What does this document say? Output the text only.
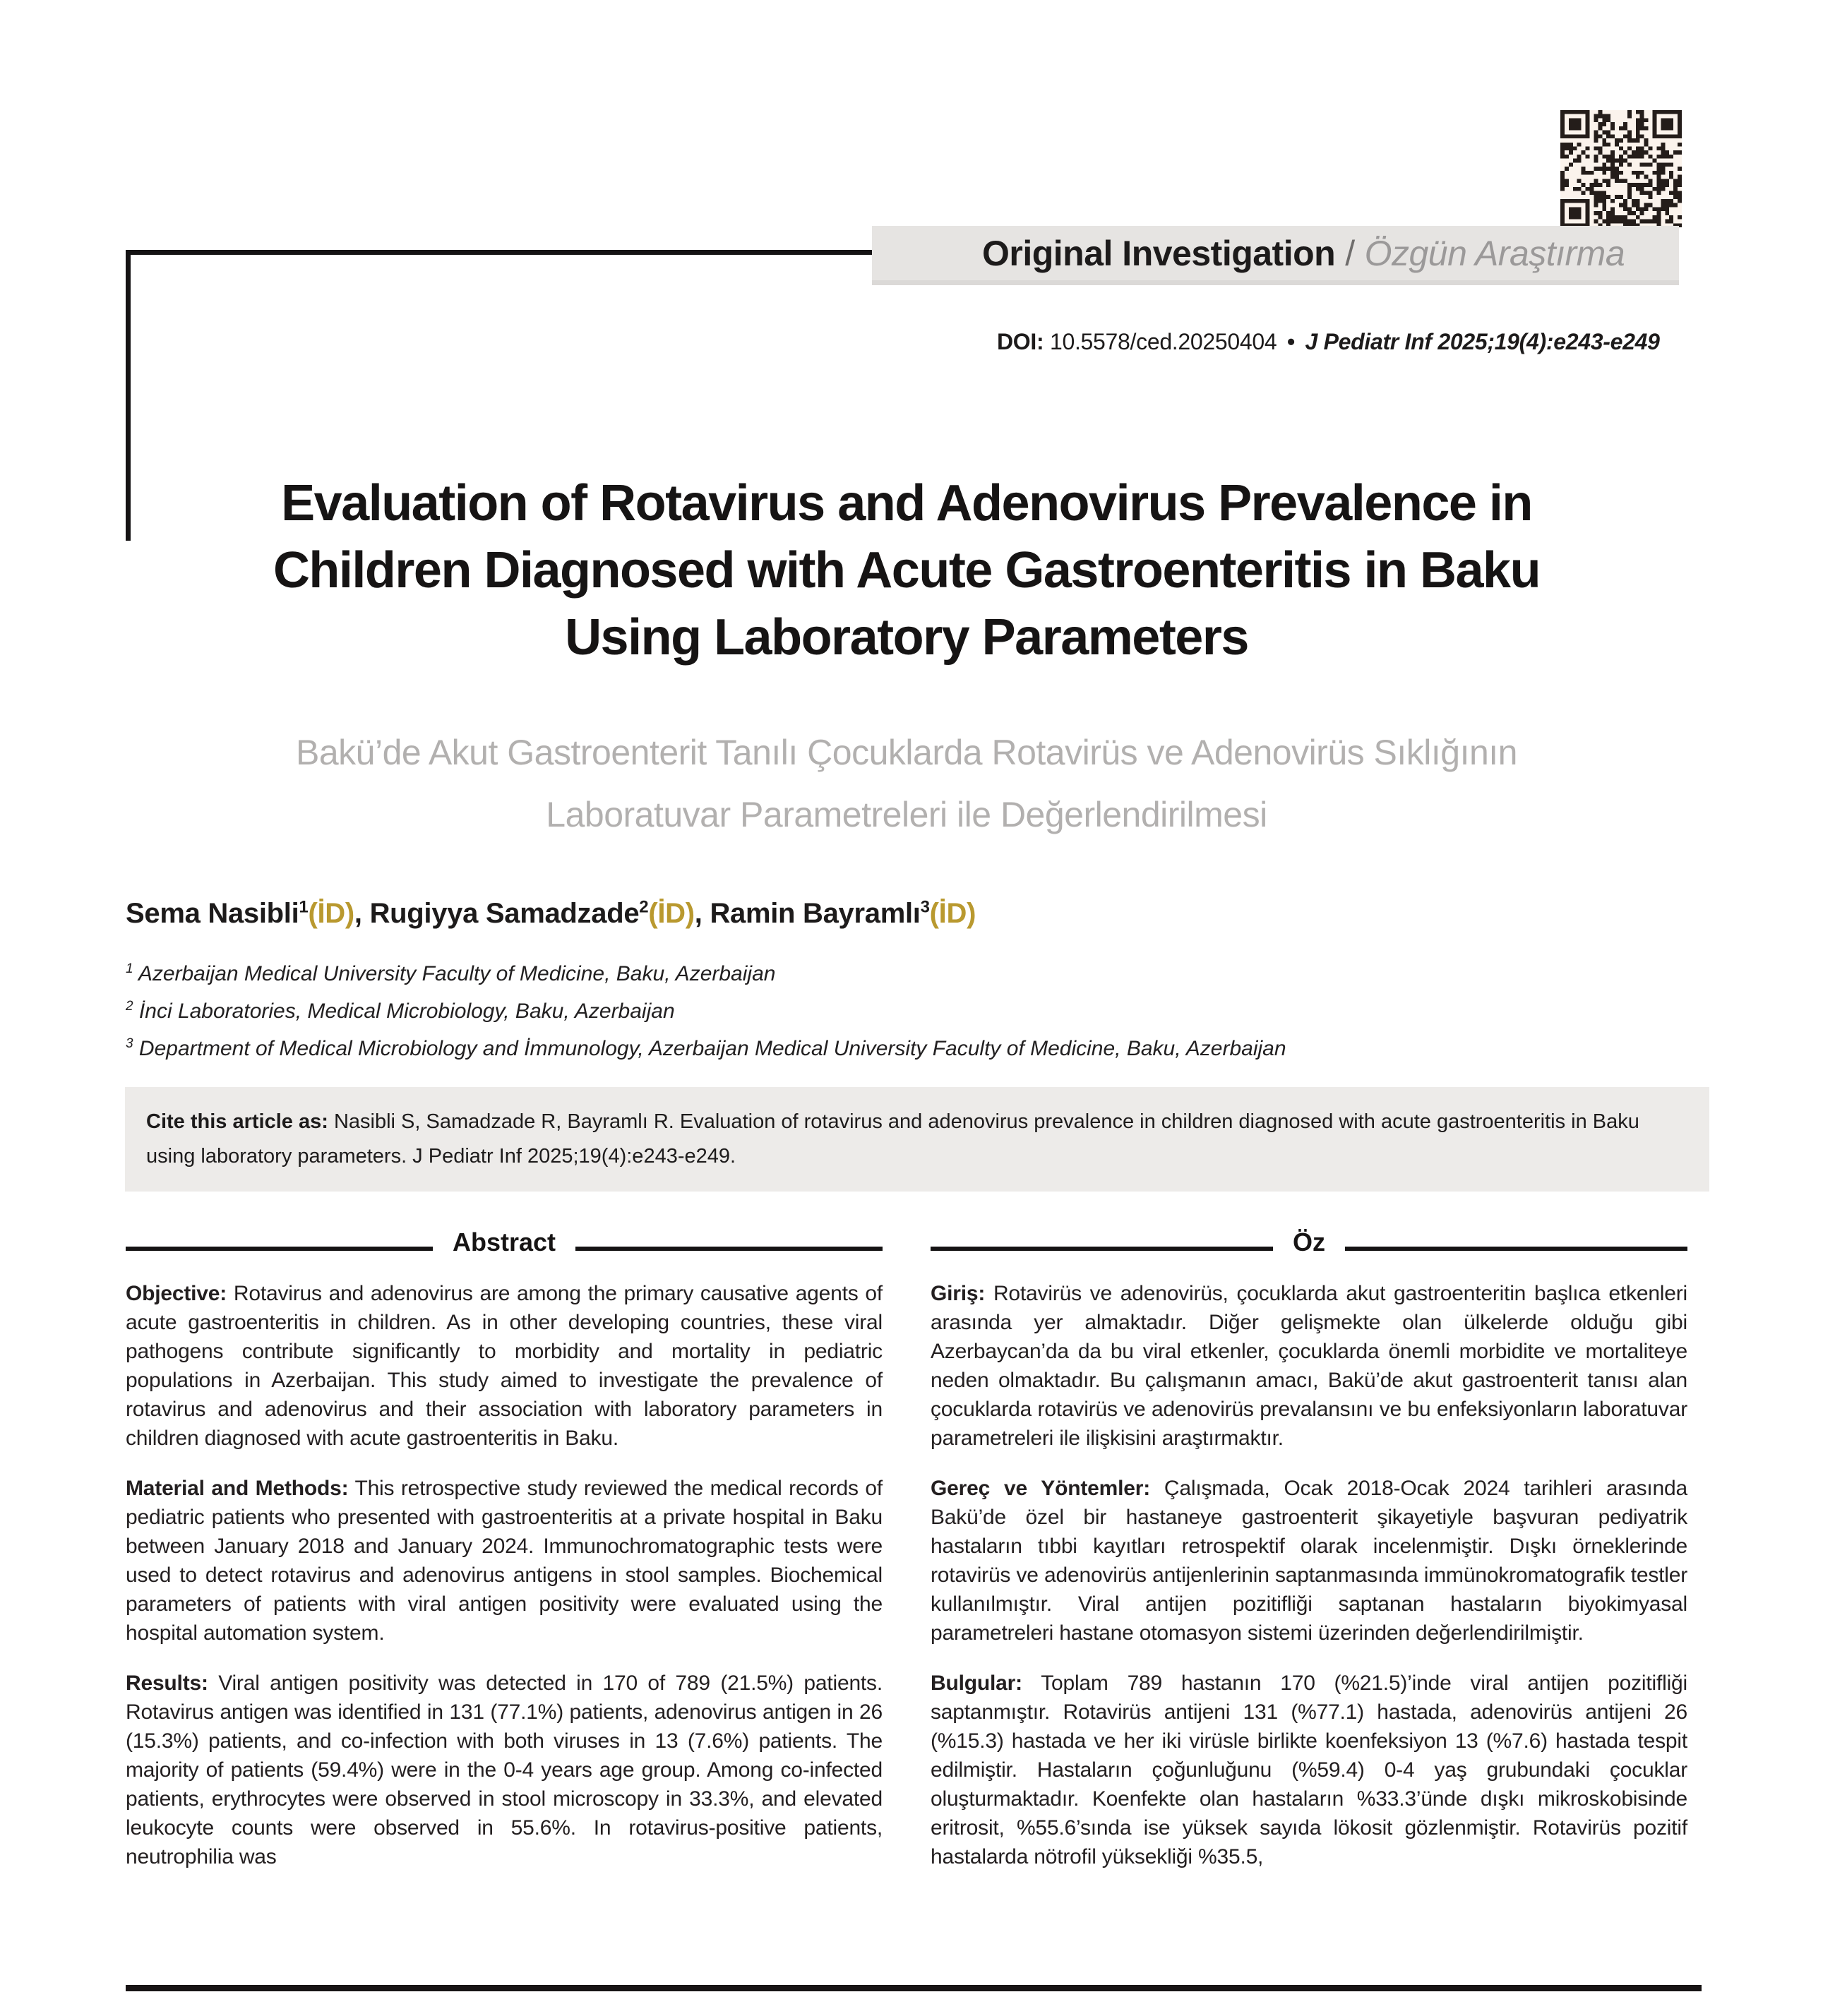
Original Investigation / Özgün Araştırma
DOI: 10.5578/ced.20250404 • J Pediatr Inf 2025;19(4):e243-e249
Evaluation of Rotavirus and Adenovirus Prevalence in
Children Diagnosed with Acute Gastroenteritis in Baku
Using Laboratory Parameters
Bakü’de Akut Gastroenterit Tanılı Çocuklarda Rotavirüs ve Adenovirüs Sıklığının
Laboratuvar Parametreleri ile Değerlendirilmesi
Sema Nasibli$^1$(İD), Rugiyya Samadzade$^2$(İD), Ramin Bayramlı$^3$(İD)
$^1$ Azerbaijan Medical University Faculty of Medicine, Baku, Azerbaijan
$^2$ İnci Laboratories, Medical Microbiology, Baku, Azerbaijan
$^3$ Department of Medical Microbiology and İmmunology, Azerbaijan Medical University Faculty of Medicine, Baku, Azerbaijan
Cite this article as: Nasibli S, Samadzade R, Bayramlı R. Evaluation of rotavirus and adenovirus prevalence in children diagnosed with acute gastroenteritis in Baku using laboratory parameters. J Pediatr Inf 2025;19(4):e243-e249.
Abstract

Objective: Rotavirus and adenovirus are among the primary causative agents of acute gastroenteritis in children. As in other developing countries, these viral pathogens contribute significantly to morbidity and mortality in pediatric populations in Azerbaijan. This study aimed to investigate the prevalence of rotavirus and adenovirus and their association with laboratory parameters in children diagnosed with acute gastroenteritis in Baku.

Material and Methods: This retrospective study reviewed the medical records of pediatric patients who presented with gastroenteritis at a private hospital in Baku between January 2018 and January 2024. Immunochromatographic tests were used to detect rotavirus and adenovirus antigens in stool samples. Biochemical parameters of patients with viral antigen positivity were evaluated using the hospital automation system.

Results: Viral antigen positivity was detected in 170 of 789 (21.5%) patients. Rotavirus antigen was identified in 131 (77.1%) patients, adenovirus antigen in 26 (15.3%) patients, and co-infection with both viruses in 13 (7.6%) patients. The majority of patients (59.4%) were in the 0-4 years age group. Among co-infected patients, erythrocytes were observed in stool microscopy in 33.3%, and elevated leukocyte counts were observed in 55.6%. In rotavirus-positive patients, neutrophilia was

Öz

Giriş: Rotavirüs ve adenovirüs, çocuklarda akut gastroenteritin başlıca etkenleri arasında yer almaktadır. Diğer gelişmekte olan ülkelerde olduğu gibi Azerbaycan’da da bu viral etkenler, çocuklarda önemli morbidite ve mortaliteye neden olmaktadır. Bu çalışmanın amacı, Bakü’de akut gastroenterit tanısı alan çocuklarda rotavirüs ve adenovirüs prevalansını ve bu enfeksiyonların laboratuvar parametreleri ile ilişkisini araştırmaktır.

Gereç ve Yöntemler: Çalışmada, Ocak 2018-Ocak 2024 tarihleri arasında Bakü’de özel bir hastaneye gastroenterit şikayetiyle başvuran pediyatrik hastaların tıbbi kayıtları retrospektif olarak incelenmiştir. Dışkı örneklerinde rotavirüs ve adenovirüs antijenlerinin saptanmasında immünokromatografik testler kullanılmıştır. Viral antijen pozitifliği saptanan hastaların biyokimyasal parametreleri hastane otomasyon sistemi üzerinden değerlendirilmiştir.

Bulgular: Toplam 789 hastanın 170 (%21.5)’inde viral antijen pozitifliği saptanmıştır. Rotavirüs antijeni 131 (%77.1) hastada, adenovirüs antijeni 26 (%15.3) hastada ve her iki virüsle birlikte koenfeksiyon 13 (%7.6) hastada tespit edilmiştir. Hastaların çoğunluğunu (%59.4) 0-4 yaş grubundaki çocuklar oluşturmaktadır. Koenfekte olan hastaların %33.3’ünde dışkı mikroskobisinde eritrosit, %55.6’sında ise yüksek sayıda lökosit gözlenmiştir. Rotavirüs pozitif hastalarda nötrofil yüksekliği %35.5,
